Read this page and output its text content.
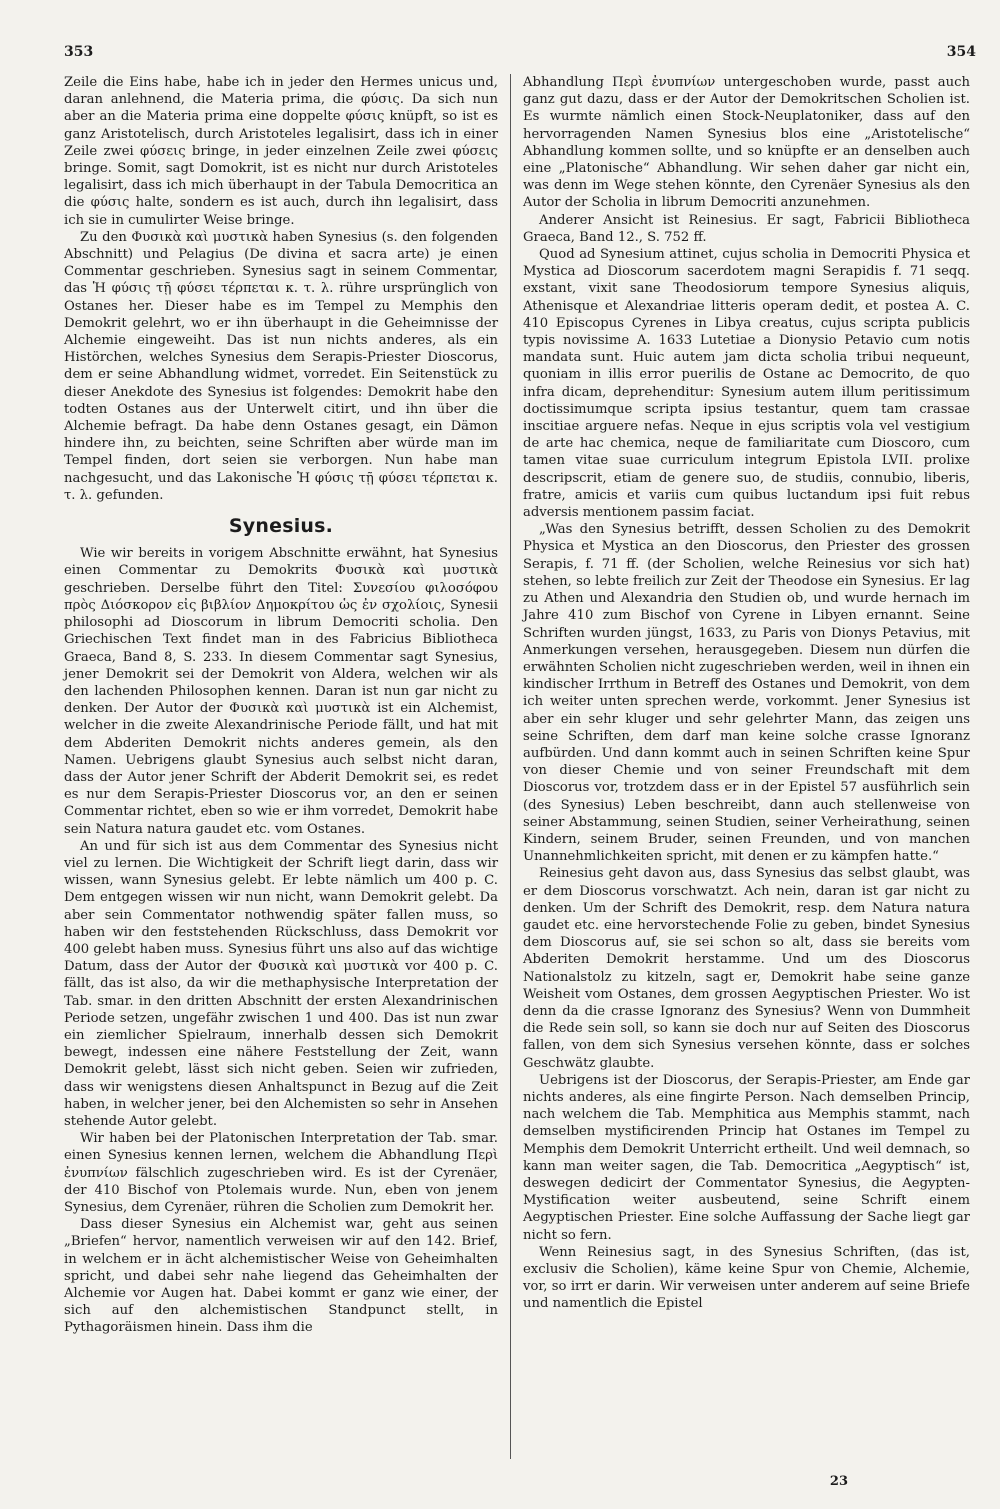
353	354

Zeile die Eins habe, habe ich in jeder den Hermes unicus und, daran anlehnend, die Materia prima, die φύσις. Da sich nun aber an die Materia prima eine doppelte φύσις knüpft, so ist es ganz Aristotelisch, durch Aristoteles legalisirt, dass ich in einer Zeile zwei φύσεις bringe, in jeder einzelnen Zeile zwei φύσεις bringe. Somit, sagt Domokrit, ist es nicht nur durch Aristoteles legalisirt, dass ich mich überhaupt in der Tabula Democritica an die φύσις halte, sondern es ist auch, durch ihn legalisirt, dass ich sie in cumulirter Weise bringe.

Zu den Φυσικὰ καὶ μυστικὰ haben Synesius (s. den folgenden Abschnitt) und Pelagius (De divina et sacra arte) je einen Commentar geschrieben. Synesius sagt in seinem Commentar, das Ἡ φύσις τῇ φύσει τέρπεται κ. τ. λ. rühre ursprünglich von Ostanes her. Dieser habe es im Tempel zu Memphis den Demokrit gelehrt, wo er ihn überhaupt in die Geheimnisse der Alchemie eingeweiht. Das ist nun nichts anderes, als ein Histörchen, welches Synesius dem Serapis-Priester Dioscorus, dem er seine Abhandlung widmet, vorredet. Ein Seitenstück zu dieser Anekdote des Synesius ist folgendes: Demokrit habe den todten Ostanes aus der Unterwelt citirt, und ihn über die Alchemie befragt. Da habe denn Ostanes gesagt, ein Dämon hindere ihn, zu beichten, seine Schriften aber würde man im Tempel finden, dort seien sie verborgen. Nun habe man nachgesucht, und das Lakonische Ἡ φύσις τῇ φύσει τέρπεται κ. τ. λ. gefunden.

Synesius.

Wie wir bereits in vorigem Abschnitte erwähnt, hat Synesius einen Commentar zu Demokrits Φυσικὰ καὶ μυστικὰ geschrieben. Derselbe führt den Titel: Συνεσίου φιλοσόφου πρὸς Διόσκορον εἰς βιβλίον Δημοκρίτου ὡς ἐν σχολίοις, Synesii philosophi ad Dioscorum in librum Democriti scholia. Den Griechischen Text findet man in des Fabricius Bibliotheca Graeca, Band 8, S. 233. In diesem Commentar sagt Synesius, jener Demokrit sei der Demokrit von Aldera, welchen wir als den lachenden Philosophen kennen. Daran ist nun gar nicht zu denken. Der Autor der Φυσικὰ καὶ μυστικὰ ist ein Alchemist, welcher in die zweite Alexandrinische Periode fällt, und hat mit dem Abderiten Demokrit nichts anderes gemein, als den Namen. Uebrigens glaubt Synesius auch selbst nicht daran, dass der Autor jener Schrift der Abderit Demokrit sei, es redet es nur dem Serapis-Priester Dioscorus vor, an den er seinen Commentar richtet, eben so wie er ihm vorredet, Demokrit habe sein Natura natura gaudet etc. vom Ostanes.

An und für sich ist aus dem Commentar des Synesius nicht viel zu lernen. Die Wichtigkeit der Schrift liegt darin, dass wir wissen, wann Synesius gelebt. Er lebte nämlich um 400 p. C. Dem entgegen wissen wir nun nicht, wann Demokrit gelebt. Da aber sein Commentator nothwendig später fallen muss, so haben wir den feststehenden Rückschluss, dass Demokrit vor 400 gelebt haben muss. Synesius führt uns also auf das wichtige Datum, dass der Autor der Φυσικὰ καὶ μυστικὰ vor 400 p. C. fällt, das ist also, da wir die methaphysische Interpretation der Tab. smar. in den dritten Abschnitt der ersten Alexandrinischen Periode setzen, ungefähr zwischen 1 und 400. Das ist nun zwar ein ziemlicher Spielraum, innerhalb dessen sich Demokrit bewegt, indessen eine nähere Feststellung der Zeit, wann Demokrit gelebt, lässt sich nicht geben. Seien wir zufrieden, dass wir wenigstens diesen Anhaltspunct in Bezug auf die Zeit haben, in welcher jener, bei den Alchemisten so sehr in Ansehen stehende Autor gelebt.

Wir haben bei der Platonischen Interpretation der Tab. smar. einen Synesius kennen lernen, welchem die Abhandlung Περὶ ἐνυπνίων fälschlich zugeschrieben wird. Es ist der Cyrenäer, der 410 Bischof von Ptolemais wurde. Nun, eben von jenem Synesius, dem Cyrenäer, rühren die Scholien zum Demokrit her.

Dass dieser Synesius ein Alchemist war, geht aus seinen „Briefen“ hervor, namentlich verweisen wir auf den 142. Brief, in welchem er in ächt alchemistischer Weise von Geheimhalten spricht, und dabei sehr nahe liegend das Geheimhalten der Alchemie vor Augen hat. Dabei kommt er ganz wie einer, der sich auf den alchemistischen Standpunct stellt, in Pythagoräismen hinein. Dass ihm die

Abhandlung Περὶ ἐνυπνίων untergeschoben wurde, passt auch ganz gut dazu, dass er der Autor der Demokritschen Scholien ist. Es wurmte nämlich einen Stock-Neuplatoniker, dass auf den hervorragenden Namen Synesius blos eine „Aristotelische“ Abhandlung kommen sollte, und so knüpfte er an denselben auch eine „Platonische“ Abhandlung. Wir sehen daher gar nicht ein, was denn im Wege stehen könnte, den Cyrenäer Synesius als den Autor der Scholia in librum Democriti anzunehmen.

Anderer Ansicht ist Reinesius. Er sagt, Fabricii Bibliotheca Graeca, Band 12., S. 752 ff.

Quod ad Synesium attinet, cujus scholia in Democriti Physica et Mystica ad Dioscorum sacerdotem magni Serapidis f. 71 seqq. exstant, vixit sane Theodosiorum tempore Synesius aliquis, Athenisque et Alexandriae litteris operam dedit, et postea A. C. 410 Episcopus Cyrenes in Libya creatus, cujus scripta publicis typis novissime A. 1633 Lutetiae a Dionysio Petavio cum notis mandata sunt. Huic autem jam dicta scholia tribui nequeunt, quoniam in illis error puerilis de Ostane ac Democrito, de quo infra dicam, deprehenditur: Synesium autem illum peritissimum doctissimumque scripta ipsius testantur, quem tam crassae inscitiae arguere nefas. Neque in ejus scriptis vola vel vestigium de arte hac chemica, neque de familiaritate cum Dioscoro, cum tamen vitae suae curriculum integrum Epistola LVII. prolixe descripscrit, etiam de genere suo, de studiis, connubio, liberis, fratre, amicis et variis cum quibus luctandum ipsi fuit rebus adversis mentionem passim faciat.

„Was den Synesius betrifft, dessen Scholien zu des Demokrit Physica et Mystica an den Dioscorus, den Priester des grossen Serapis, f. 71 ff. (der Scholien, welche Reinesius vor sich hat) stehen, so lebte freilich zur Zeit der Theodose ein Synesius. Er lag zu Athen und Alexandria den Studien ob, und wurde hernach im Jahre 410 zum Bischof von Cyrene in Libyen ernannt. Seine Schriften wurden jüngst, 1633, zu Paris von Dionys Petavius, mit Anmerkungen versehen, herausgegeben. Diesem nun dürfen die erwähnten Scholien nicht zugeschrieben werden, weil in ihnen ein kindischer Irrthum in Betreff des Ostanes und Demokrit, von dem ich weiter unten sprechen werde, vorkommt. Jener Synesius ist aber ein sehr kluger und sehr gelehrter Mann, das zeigen uns seine Schriften, dem darf man keine solche crasse Ignoranz aufbürden. Und dann kommt auch in seinen Schriften keine Spur von dieser Chemie und von seiner Freundschaft mit dem Dioscorus vor, trotzdem dass er in der Epistel 57 ausführlich sein (des Synesius) Leben beschreibt, dann auch stellenweise von seiner Abstammung, seinen Studien, seiner Verheirathung, seinen Kindern, seinem Bruder, seinen Freunden, und von manchen Unannehmlichkeiten spricht, mit denen er zu kämpfen hatte.“

Reinesius geht davon aus, dass Synesius das selbst glaubt, was er dem Dioscorus vorschwatzt. Ach nein, daran ist gar nicht zu denken. Um der Schrift des Demokrit, resp. dem Natura natura gaudet etc. eine hervorstechende Folie zu geben, bindet Synesius dem Dioscorus auf, sie sei schon so alt, dass sie bereits vom Abderiten Demokrit herstamme. Und um des Dioscorus Nationalstolz zu kitzeln, sagt er, Demokrit habe seine ganze Weisheit vom Ostanes, dem grossen Aegyptischen Priester. Wo ist denn da die crasse Ignoranz des Synesius? Wenn von Dummheit die Rede sein soll, so kann sie doch nur auf Seiten des Dioscorus fallen, von dem sich Synesius versehen könnte, dass er solches Geschwätz glaubte.

Uebrigens ist der Dioscorus, der Serapis-Priester, am Ende gar nichts anderes, als eine fingirte Person. Nach demselben Princip, nach welchem die Tab. Memphitica aus Memphis stammt, nach demselben mystificirenden Princip hat Ostanes im Tempel zu Memphis dem Demokrit Unterricht ertheilt. Und weil demnach, so kann man weiter sagen, die Tab. Democritica „Aegyptisch“ ist, deswegen dedicirt der Commentator Synesius, die Aegypten-Mystification weiter ausbeutend, seine Schrift einem Aegyptischen Priester. Eine solche Auffassung der Sache liegt gar nicht so fern.

Wenn Reinesius sagt, in des Synesius Schriften, (das ist, exclusiv die Scholien), käme keine Spur von Chemie, Alchemie, vor, so irrt er darin. Wir verweisen unter anderem auf seine Briefe und namentlich die Epistel

23
